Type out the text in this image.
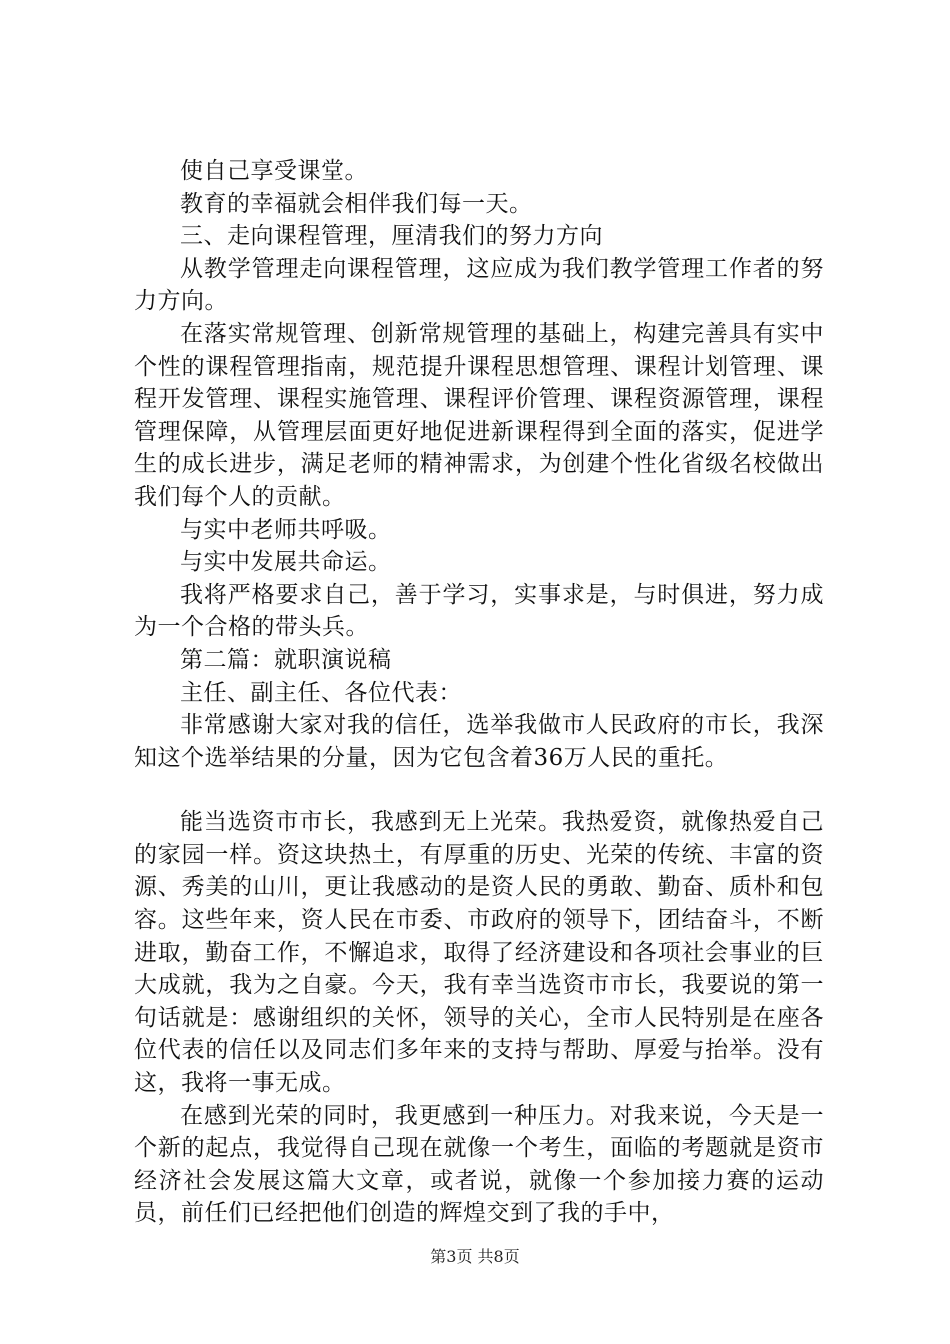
使自己享受课堂。

教育的幸福就会相伴我们每一天。

三、走向课程管理，厘清我们的努力方向

从教学管理走向课程管理，这应成为我们教学管理工作者的努力方向。

在落实常规管理、创新常规管理的基础上，构建完善具有实中个性的课程管理指南，规范提升课程思想管理、课程计划管理、课程开发管理、课程实施管理、课程评价管理、课程资源管理，课程管理保障，从管理层面更好地促进新课程得到全面的落实，促进学生的成长进步，满足老师的精神需求，为创建个性化省级名校做出我们每个人的贡献。

与实中老师共呼吸。

与实中发展共命运。

我将严格要求自己，善于学习，实事求是，与时俱进，努力成为一个合格的带头兵。

第二篇：就职演说稿

主任、副主任、各位代表：

非常感谢大家对我的信任，选举我做市人民政府的市长，我深知这个选举结果的分量，因为它包含着36万人民的重托。

能当选资市市长，我感到无上光荣。我热爱资，就像热爱自己的家园一样。资这块热土，有厚重的历史、光荣的传统、丰富的资源、秀美的山川，更让我感动的是资人民的勇敢、勤奋、质朴和包容。这些年来，资人民在市委、市政府的领导下，团结奋斗，不断进取，勤奋工作，不懈追求，取得了经济建设和各项社会事业的巨大成就，我为之自豪。今天，我有幸当选资市市长，我要说的第一句话就是：感谢组织的关怀，领导的关心，全市人民特别是在座各位代表的信任以及同志们多年来的支持与帮助、厚爱与抬举。没有这，我将一事无成。

在感到光荣的同时，我更感到一种压力。对我来说，今天是一个新的起点，我觉得自己现在就像一个考生，面临的考题就是资市经济社会发展这篇大文章，或者说，就像一个参加接力赛的运动员，前任们已经把他们创造的辉煌交到了我的手中，

第3页 共8页
